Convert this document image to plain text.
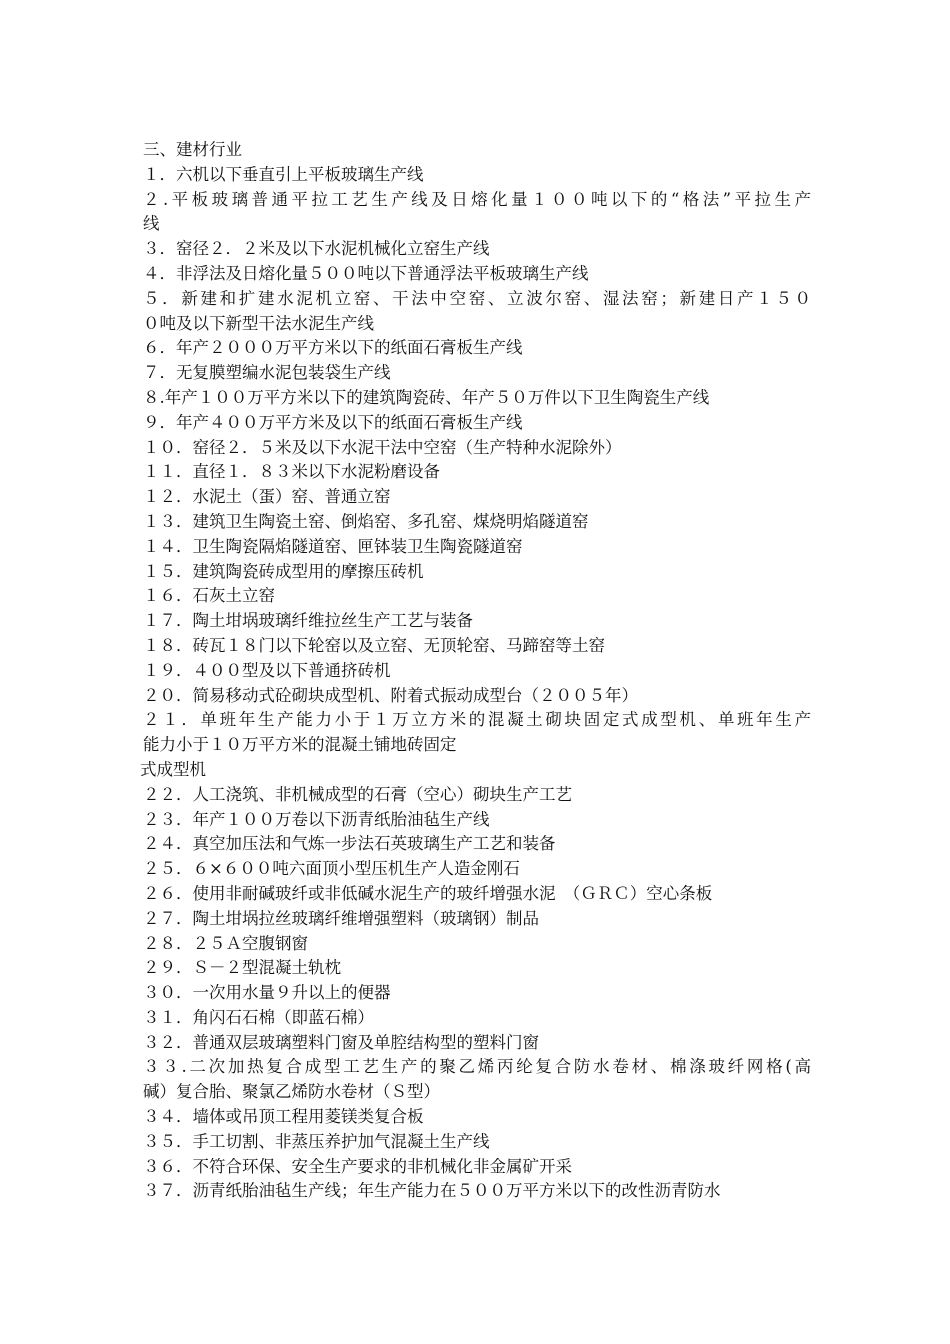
三、建材行业
１．六机以下垂直引上平板玻璃生产线
２.平板玻璃普通平拉工艺生产线及日熔化量１００吨以下的“格法”平拉生产
线
３．窑径２．２米及以下水泥机械化立窑生产线
４．非浮法及日熔化量５００吨以下普通浮法平板玻璃生产线
５．新建和扩建水泥机立窑、干法中空窑、立波尔窑、湿法窑；新建日产１５０
０吨及以下新型干法水泥生产线
６．年产２０００万平方米以下的纸面石膏板生产线
７．无复膜塑编水泥包装袋生产线
８.年产１００万平方米以下的建筑陶瓷砖、年产５０万件以下卫生陶瓷生产线
９．年产４００万平方米及以下的纸面石膏板生产线
１０．窑径２．５米及以下水泥干法中空窑（生产特种水泥除外）
１１．直径１．８３米以下水泥粉磨设备
１２．水泥土（蛋）窑、普通立窑
１３．建筑卫生陶瓷土窑、倒焰窑、多孔窑、煤烧明焰隧道窑
１４．卫生陶瓷隔焰隧道窑、匣钵装卫生陶瓷隧道窑
１５．建筑陶瓷砖成型用的摩擦压砖机
１６．石灰土立窑
１７．陶土坩埚玻璃纤维拉丝生产工艺与装备
１８．砖瓦１８门以下轮窑以及立窑、无顶轮窑、马蹄窑等土窑
１９．４００型及以下普通挤砖机
２０．简易移动式砼砌块成型机、附着式振动成型台（２００５年）
２１．单班年生产能力小于１万立方米的混凝土砌块固定式成型机、单班年生产
能力小于１０万平方米的混凝土铺地砖固定
式成型机
２２．人工浇筑、非机械成型的石膏（空心）砌块生产工艺
２３．年产１００万卷以下沥青纸胎油毡生产线
２４．真空加压法和气炼一步法石英玻璃生产工艺和装备
２５．６×６００吨六面顶小型压机生产人造金刚石
２６．使用非耐碱玻纤或非低碱水泥生产的玻纤增强水泥　（ＧＲＣ）空心条板
２７．陶土坩埚拉丝玻璃纤维增强塑料（玻璃钢）制品
２８．２５Ａ空腹钢窗
２９．Ｓ－２型混凝土轨枕
３０．一次用水量９升以上的便器
３１．角闪石石棉（即蓝石棉）
３２．普通双层玻璃塑料门窗及单腔结构型的塑料门窗
３３.二次加热复合成型工艺生产的聚乙烯丙纶复合防水卷材、棉涤玻纤网格(高
碱）复合胎、聚氯乙烯防水卷材（Ｓ型）
３４．墙体或吊顶工程用菱镁类复合板
３５．手工切割、非蒸压养护加气混凝土生产线
３６．不符合环保、安全生产要求的非机械化非金属矿开采
３７．沥青纸胎油毡生产线；年生产能力在５００万平方米以下的改性沥青防水
